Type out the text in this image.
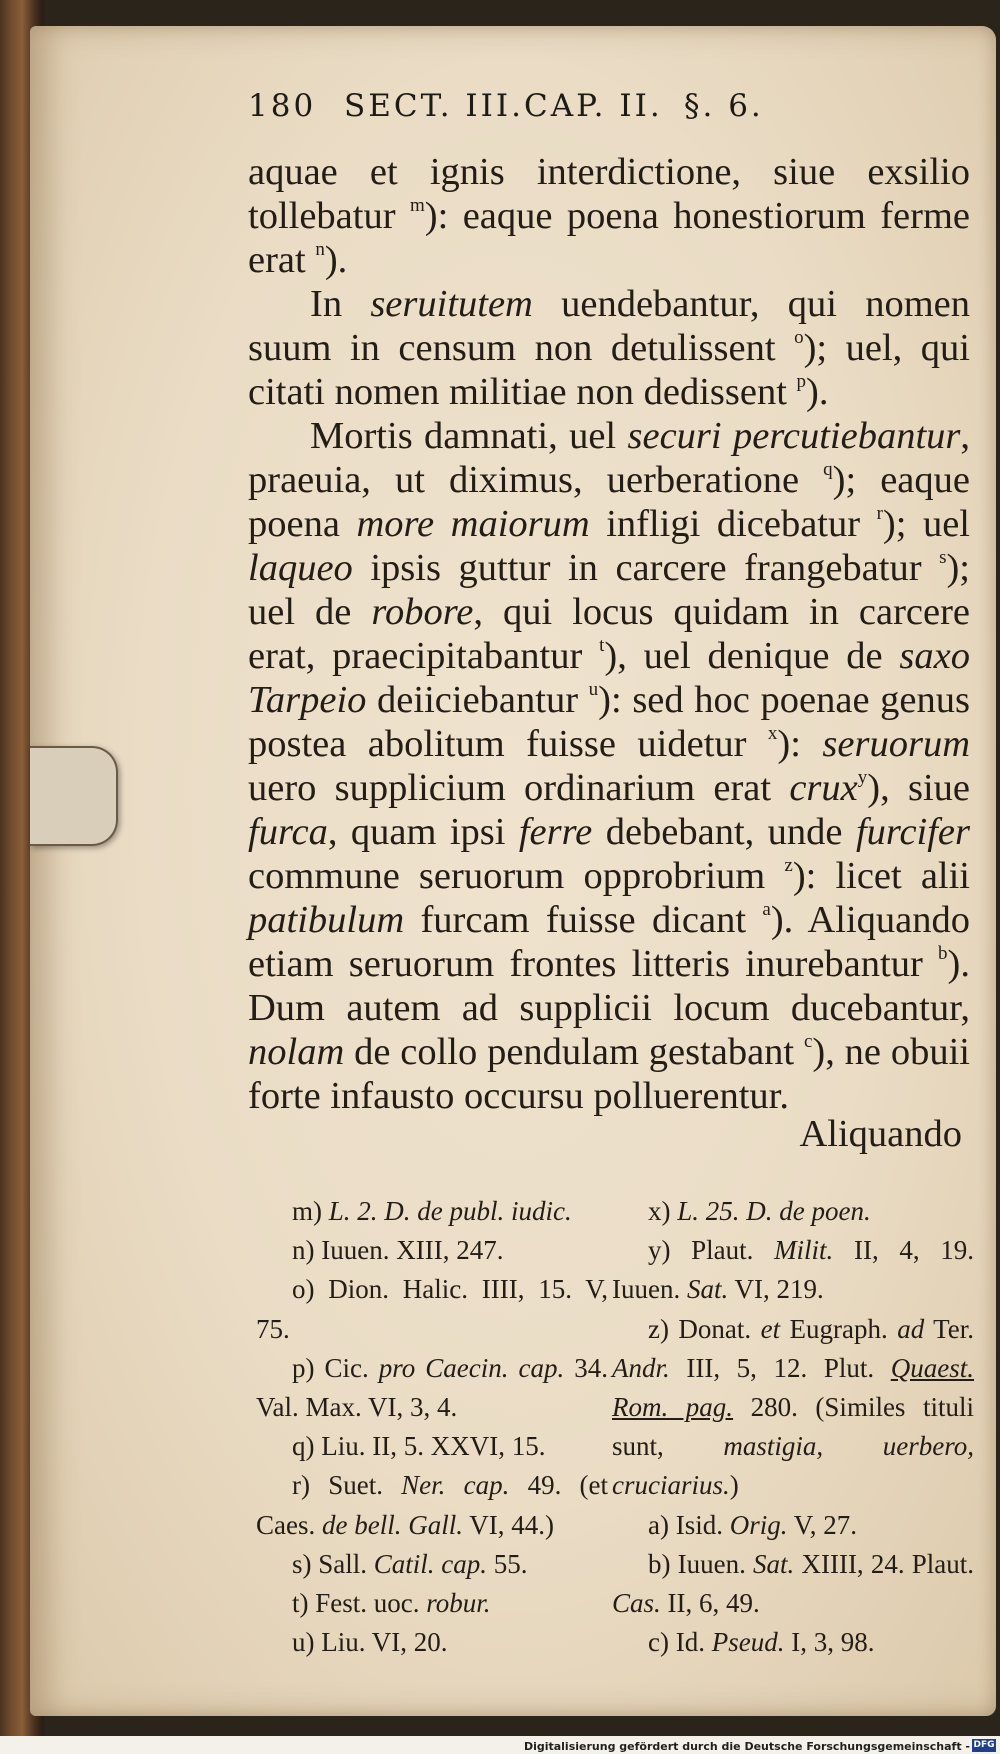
180 SECT. III. CAP. II. §. 6.

aquae et ignis interdictione, siue exsilio tollebatur $^m$): eaque poena honestiorum ferme erat $^n$).

In seruitutem uendebantur, qui nomen suum in censum non detulissent $^o$); uel, qui citati nomen militiae non dedissent $^p$).

Mortis damnati, uel securi percutiebantur, praeuia, ut diximus, uerberatione $^q$); eaque poena more maiorum infligi dicebatur $^r$); uel laqueo ipsis guttur in carcere frangebatur $^s$); uel de robore, qui locus quidam in carcere erat, praecipitabantur $^t$), uel denique de saxo Tarpeio deiiciebantur $^u$): sed hoc poenae genus postea abolitum fuisse uidetur $^x$): seruorum uero supplicium ordinarium erat crux$^y$), siue furca, quam ipsi ferre debebant, unde furcifer commune seruorum opprobrium $^z$): licet alii patibulum furcam fuisse dicant $^a$). Aliquando etiam seruorum frontes litteris inurebantur $^b$). Dum autem ad supplicii locum ducebantur, nolam de collo pendulam gestabant $^c$), ne obuii forte infausto occursu polluerentur.

Aliquando

m) L. 2. D. de publ. iudic.

n) Iuuen. XIII, 247.

o) Dion. Halic. IIII, 15. V, 75.

p) Cic. pro Caecin. cap. 34. Val. Max. VI, 3, 4.

q) Liu. II, 5. XXVI, 15.

r) Suet. Ner. cap. 49. (et Caes. de bell. Gall. VI, 44.)

s) Sall. Catil. cap. 55.

t) Fest. uoc. robur.

u) Liu. VI, 20.

x) L. 25. D. de poen.

y) Plaut. Milit. II, 4, 19. Iuuen. Sat. VI, 219.

z) Donat. et Eugraph. ad Ter. Andr. III, 5, 12. Plut. Quaest. Rom. pag. 280. (Similes tituli sunt, mastigia, uerbero, cruciarius.)

a) Isid. Orig. V, 27.

b) Iuuen. Sat. XIIII, 24. Plaut. Cas. II, 6, 49.

c) Id. Pseud. I, 3, 98.

Digitalisierung gefördert durch die Deutsche Forschungsgemeinschaft - DFG
